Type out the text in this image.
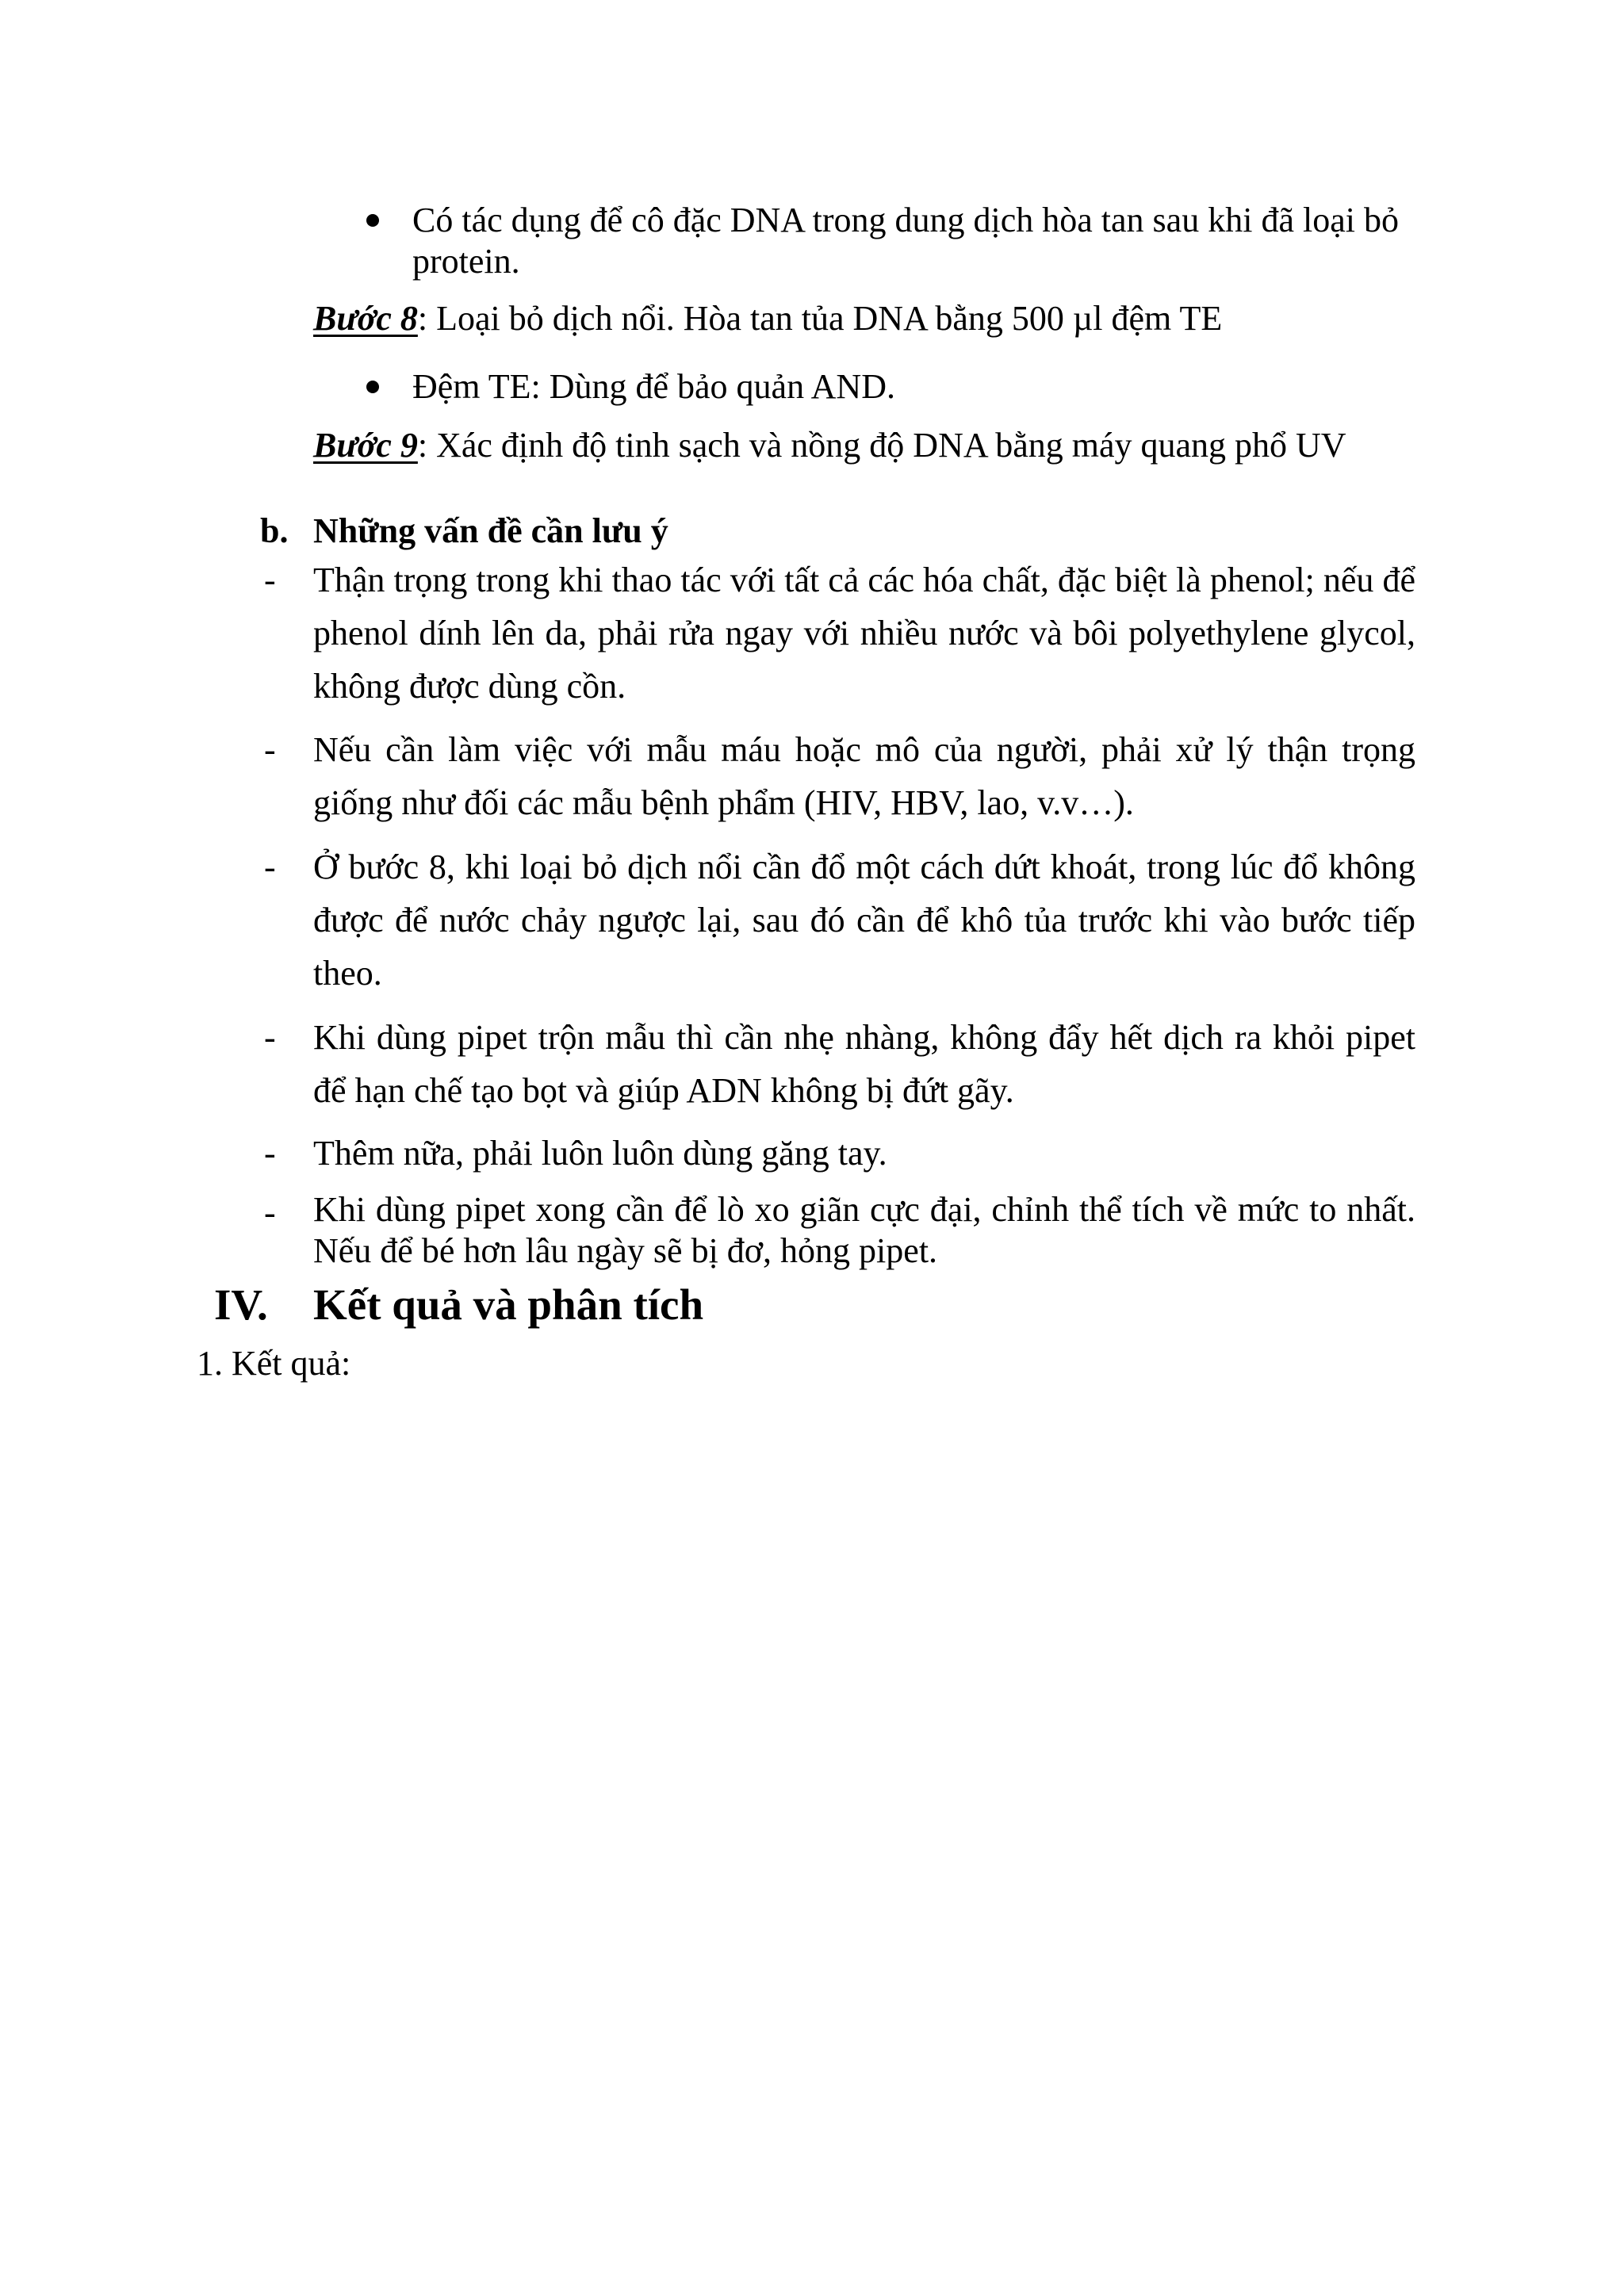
Có tác dụng để cô đặc DNA trong dung dịch hòa tan sau khi đã loại bỏ
protein.
Bước 8: Loại bỏ dịch nổi. Hòa tan tủa DNA bằng 500 µl đệm TE
Đệm TE: Dùng để bảo quản AND.
Bước 9: Xác định độ tinh sạch và nồng độ DNA bằng máy quang phổ UV
b. Những vấn đề cần lưu ý
- Thận trọng trong khi thao tác với tất cả các hóa chất, đặc biệt là phenol; nếu để phenol dính lên da, phải rửa ngay với nhiều nước và bôi polyethylene glycol, không được dùng cồn.
- Nếu cần làm việc với mẫu máu hoặc mô của người, phải xử lý thận trọng giống như đối các mẫu bệnh phẩm (HIV, HBV, lao, v.v…).
- Ở bước 8, khi loại bỏ dịch nổi cần đổ một cách dứt khoát, trong lúc đổ không được để nước chảy ngược lại, sau đó cần để khô tủa trước khi vào bước tiếp theo.
- Khi dùng pipet trộn mẫu thì cần nhẹ nhàng, không đẩy hết dịch ra khỏi pipet để hạn chế tạo bọt và giúp ADN không bị đứt gãy.
- Thêm nữa, phải luôn luôn dùng găng tay.
- Khi dùng pipet xong cần để lò xo giãn cực đại, chỉnh thể tích về mức to nhất. Nếu để bé hơn lâu ngày sẽ bị đơ, hỏng pipet.
IV. Kết quả và phân tích
1. Kết quả:
